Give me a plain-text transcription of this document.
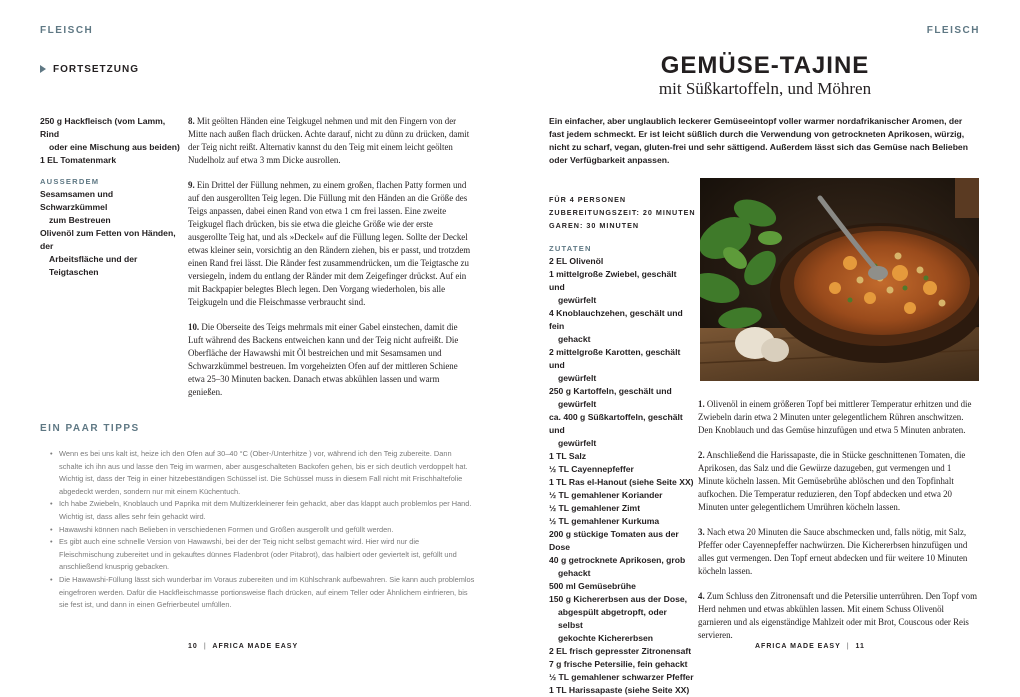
FLEISCH
FORTSETZUNG
250 g Hackfleisch (vom Lamm, Rind
oder eine Mischung aus beiden)
1 EL Tomatenmark
AUSSERDEM
Sesamsamen und Schwarzkümmel
zum Bestreuen
Olivenöl zum Fetten von Händen, der
Arbeitsfläche und der Teigtaschen

8. Mit geölten Händen eine Teigkugel nehmen und mit den Fingern von der Mitte nach außen flach drücken. Achte darauf, nicht zu dünn zu drücken, damit der Teig nicht reißt. Alternativ kannst du den Teig mit einem leicht geölten Nudelholz auf etwa 3 mm Dicke ausrollen.

9. Ein Drittel der Füllung nehmen, zu einem großen, flachen Patty formen und auf den ausgerollten Teig legen. Die Füllung mit den Händen an die Größe des Teigs anpassen, dabei einen Rand von etwa 1 cm frei lassen. Eine zweite Teigkugel flach drücken, bis sie etwa die gleiche Größe wie der erste ausgerollte Teig hat, und als »Deckel« auf die Füllung legen. Sollte der Deckel etwas kleiner sein, vorsichtig an den Rändern ziehen, bis er passt, und trotzdem einen Rand frei lässt. Die Ränder fest zusammendrücken, um die Teigtasche zu versiegeln, indem du entlang der Ränder mit dem Zeigefinger drückst. Auf ein mit Backpapier belegtes Blech legen. Den Vorgang wiederholen, bis alle Teigkugeln und die Fleischmasse verbraucht sind.

10. Die Oberseite des Teigs mehrmals mit einer Gabel einstechen, damit die Luft während des Backens entweichen kann und der Teig nicht aufreißt. Die Oberfläche der Hawawshi mit Öl bestreichen und mit Sesamsamen und Schwarzkümmel bestreuen. Im vorgeheizten Ofen auf der mittleren Schiene etwa 25–30 Minuten backen. Danach etwas abkühlen lassen und warm genießen.

EIN PAAR TIPPS
• Wenn es bei uns kalt ist, heize ich den Ofen auf 30–40 °C (Ober-/Unterhitze ) vor, während ich den Teig zubereite. Dann schalte ich ihn aus und lasse den Teig im warmen, aber ausgeschalteten Backofen gehen, bis er sich deutlich verdoppelt hat. Wichtig ist, dass der Teig in einer hitzebeständigen Schüssel ist. Die Schüssel muss in diesem Fall nicht mit Frischhaltefolie abgedeckt werden, sondern nur mit einem Küchentuch.
• Ich habe Zwiebeln, Knoblauch und Paprika mit dem Multizerkleinerer fein gehackt, aber das klappt auch problemlos per Hand. Wichtig ist, dass alles sehr fein gehackt wird.
• Hawawshi können nach Belieben in verschiedenen Formen und Größen ausgerollt und gefüllt werden.
• Es gibt auch eine schnelle Version von Hawawshi, bei der der Teig nicht selbst gemacht wird. Hier wird nur die Fleischmischung zubereitet und in gekauftes dünnes Fladenbrot (oder Pitabrot), das halbiert oder geviertelt ist, gefüllt und anschließend knusprig gebacken.
• Die Hawawshi-Füllung lässt sich wunderbar im Voraus zubereiten und im Kühlschrank aufbewahren. Sie kann auch problemlos eingefroren werden. Dafür die Hackfleischmasse portionsweise flach drücken, auf einem Teller oder Ähnlichem einfrieren, bis sie fest ist, und dann in einen Gefrierbeutel umfüllen.
10 | AFRICA MADE EASY
FLEISCH
GEMÜSE-TAJINE
mit Süßkartoffeln, und Möhren
Ein einfacher, aber unglaublich leckerer Gemüseeintopf voller warmer nordafrikanischer Aromen, der fast jedem schmeckt. Er ist leicht süßlich durch die Verwendung von getrockneten Aprikosen, würzig, nicht zu scharf, vegan, gluten-frei und sehr sättigend. Außerdem lässt sich das Gemüse nach Belieben oder Verfügbarkeit anpassen.
FÜR 4 PERSONEN
ZUBEREITUNGSZEIT: 20 MINUTEN
GAREN: 30 MINUTEN
ZUTATEN
2 EL Olivenöl
1 mittelgroße Zwiebel, geschält und
gewürfelt
4 Knoblauchzehen, geschält und fein
gehackt
2 mittelgroße Karotten, geschält und
gewürfelt
250 g Kartoffeln, geschält und
gewürfelt
ca. 400 g Süßkartoffeln, geschält und
gewürfelt
1 TL Salz
½ TL Cayennepfeffer
1 TL Ras el-Hanout (siehe Seite XX)
½ TL gemahlener Koriander
½ TL gemahlener Zimt
½ TL gemahlener Kurkuma
200 g stückige Tomaten aus der Dose
40 g getrocknete Aprikosen, grob
gehackt
500 ml Gemüsebrühe
150 g Kichererbsen aus der Dose,
abgespült abgetropft, oder selbst
gekochte Kichererbsen
2 EL frisch gepresster Zitronensaft
7 g frische Petersilie, fein gehackt
½ TL gemahlener schwarzer Pfeffer
1 TL Harissapaste (siehe Seite XX)

1. Olivenöl in einem größeren Topf bei mittlerer Temperatur erhitzen und die Zwiebeln darin etwa 2 Minuten unter gelegentlichem Rühren anschwitzen. Den Knoblauch und das Gemüse hinzufügen und etwa 5 Minuten anbraten.

2. Anschließend die Harissapaste, die in Stücke geschnittenen Tomaten, die Aprikosen, das Salz und die Gewürze dazugeben, gut vermengen und 1 Minute köcheln lassen. Mit Gemüsebrühe ablöschen und den Topfinhalt aufkochen. Die Temperatur reduzieren, den Topf abdecken und etwa 20 Minuten unter gelegentlichem Umrühren köcheln lassen.

3. Nach etwa 20 Minuten die Sauce abschmecken und, falls nötig, mit Salz, Pfeffer oder Cayennepfeffer nachwürzen. Die Kichererbsen hinzufügen und alles gut vermengen. Den Topf erneut abdecken und für weitere 10 Minuten köcheln lassen.

4. Zum Schluss den Zitronensaft und die Petersilie unterrühren. Den Topf vom Herd nehmen und etwas abkühlen lassen. Mit einem Schuss Olivenöl garnieren und als eigenständige Mahlzeit oder mit Brot, Couscous oder Reis servieren.

AFRICA MADE EASY | 11
